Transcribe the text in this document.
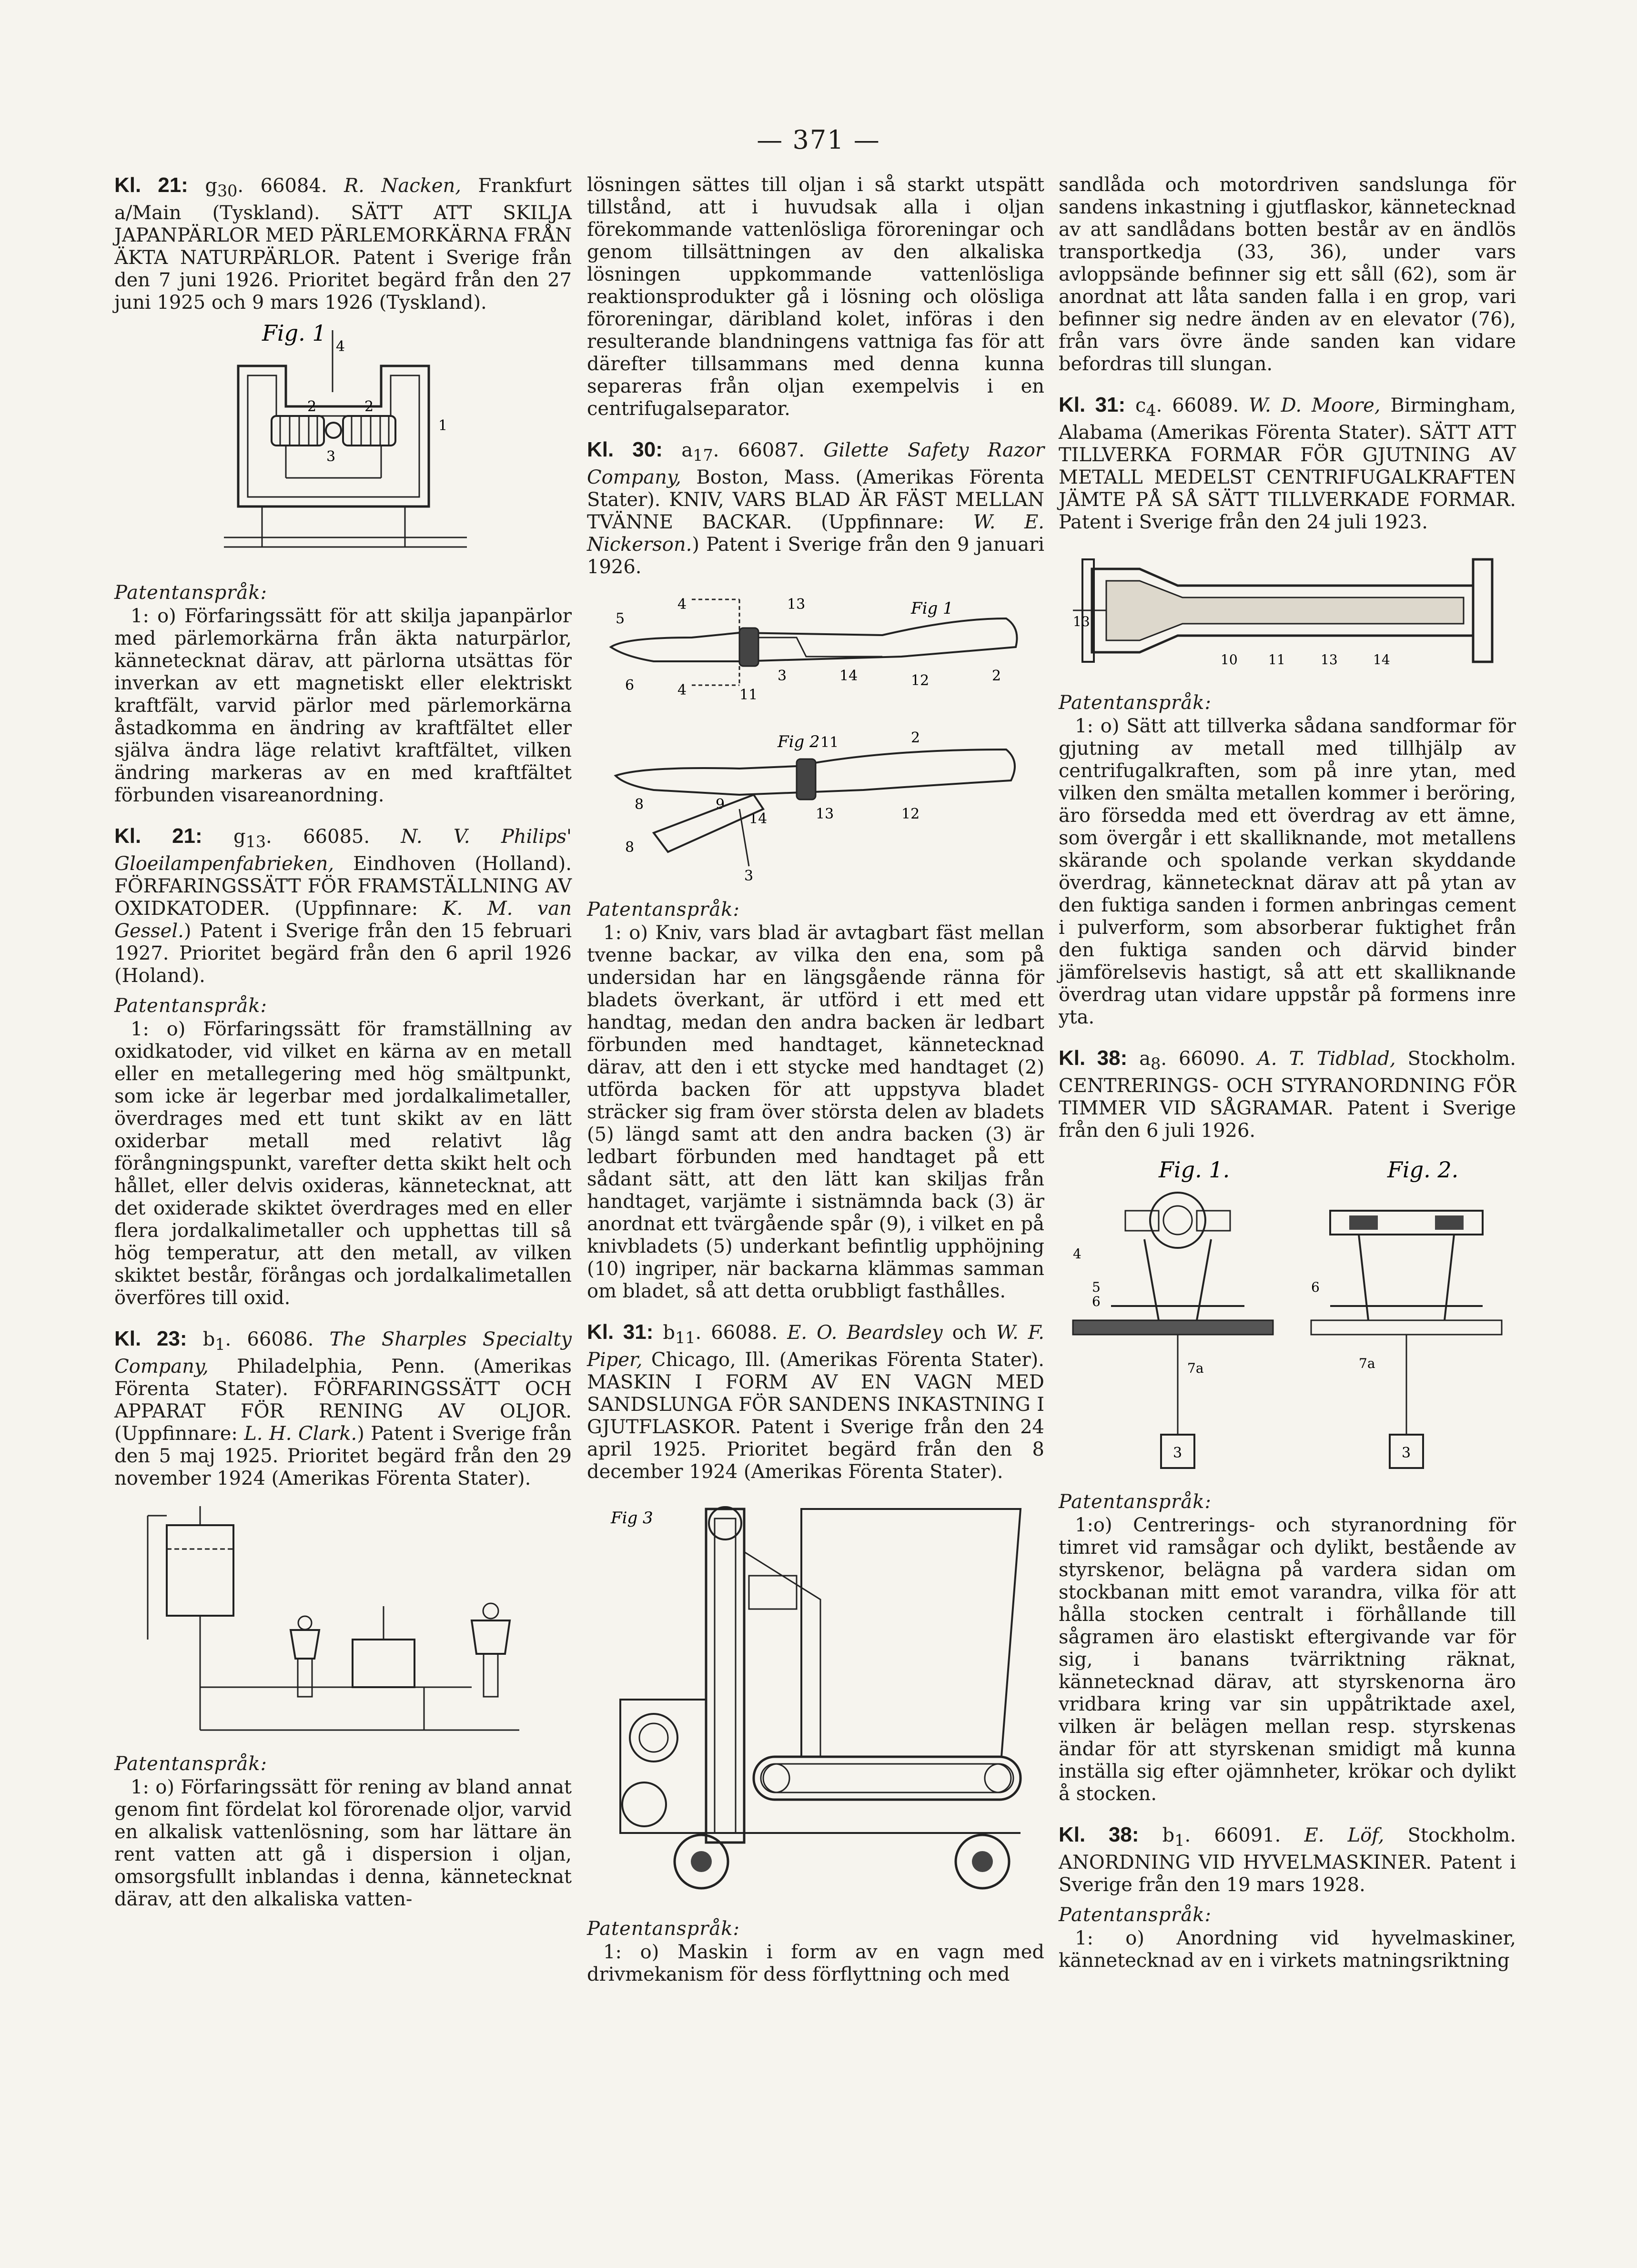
— 371 —

Kl. 21: $g_{30}$. 66084. R. Nacken, Frankfurt a/Main (Tyskland). SÄTT ATT SKILJA JAPANPÄRLOR MED PÄRLEMORKÄRNA FRÅN ÄKTA NATURPÄRLOR. Patent i Sverige från den 7 juni 1926. Prioritet begärd från den 27 juni 1925 och 9 mars 1926 (Tyskland).

Fig. 1
4
2	2
3
1
Patentanspråk:

1: o) Förfaringssätt för att skilja japanpärlor med pärlemorkärna från äkta naturpärlor, kännetecknat därav, att pärlorna utsättas för inverkan av ett magnetiskt eller elektriskt kraftfält, varvid pärlor med pärlemorkärna åstadkomma en ändring av kraftfältet eller själva ändra läge relativt kraftfältet, vilken ändring markeras av en med kraftfältet förbunden visareanordning.

Kl. 21: $g_{13}$. 66085. N. V. Philips' Gloeilampenfabrieken, Eindhoven (Holland). FÖRFARINGSSÄTT FÖR FRAMSTÄLLNING AV OXIDKATODER. (Uppfinnare: K. M. van Gessel.) Patent i Sverige från den 15 februari 1927. Prioritet begärd från den 6 april 1926 (Holand).

Patentanspråk:

1: o) Förfaringssätt för framställning av oxidkatoder, vid vilket en kärna av en metall eller en metallegering med hög smältpunkt, som icke är legerbar med jordalkalimetaller, överdrages med ett tunt skikt av en lätt oxiderbar metall med relativt låg förångningspunkt, varefter detta skikt helt och hållet, eller delvis oxideras, kännetecknat, att det oxiderade skiktet överdrages med en eller flera jordalkalimetaller och upphettas till så hög temperatur, att den metall, av vilken skiktet består, förångas och jordalkalimetallen överföres till oxid.

Kl. 23: $b_1$. 66086. The Sharples Specialty Company, Philadelphia, Penn. (Amerikas Förenta Stater). FÖRFARINGSSÄTT OCH APPARAT FÖR RENING AV OLJOR. (Uppfinnare: L. H. Clark.) Patent i Sverige från den 5 maj 1925. Prioritet begärd från den 29 november 1924 (Amerikas Förenta Stater).

Patentanspråk:

1: o) Förfaringssätt för rening av bland annat genom fint fördelat kol förorenade oljor, varvid en alkalisk vattenlösning, som har lättare än rent vatten att gå i dispersion i oljan, omsorgsfullt inblandas i denna, kännetecknat därav, att den alkaliska vatten-

lösningen sättes till oljan i så starkt utspätt tillstånd, att i huvudsak alla i oljan förekommande vattenlösliga föroreningar och genom tillsättningen av den alkaliska lösningen uppkommande vattenlösliga reaktionsprodukter gå i lösning och olösliga föroreningar, däribland kolet, införas i den resulterande blandningens vattniga fas för att därefter tillsammans med denna kunna separeras från oljan exempelvis i en centrifugalseparator.

Kl. 30: $a_{17}$. 66087. Gilette Safety Razor Company, Boston, Mass. (Amerikas Förenta Stater). KNIV, VARS BLAD ÄR FÄST MELLAN TVÄNNE BACKAR. (Uppfinnare: W. E. Nickerson.) Patent i Sverige från den 9 januari 1926.

Fig 1
5
4	13
6	4	11
3	14	12	2
Fig 2 11	2
8	9
14	13	12
8
3
Patentanspråk:

1: o) Kniv, vars blad är avtagbart fäst mellan tvenne backar, av vilka den ena, som på undersidan har en längsgående ränna för bladets överkant, är utförd i ett med ett handtag, medan den andra backen är ledbart förbunden med handtaget, kännetecknad därav, att den i ett stycke med handtaget (2) utförda backen för att uppstyva bladet sträcker sig fram över största delen av bladets (5) längd samt att den andra backen (3) är ledbart förbunden med handtaget på ett sådant sätt, att den lätt kan skiljas från handtaget, varjämte i sistnämnda back (3) är anordnat ett tvärgående spår (9), i vilket en på knivbladets (5) underkant befintlig upphöjning (10) ingriper, när backarna klämmas samman om bladet, så att detta orubbligt fasthålles.

Kl. 31: $b_{11}$. 66088. E. O. Beardsley och W. F. Piper, Chicago, Ill. (Amerikas Förenta Stater). MASKIN I FORM AV EN VAGN MED SANDSLUNGA FÖR SANDENS INKASTNING I GJUTFLASKOR. Patent i Sverige från den 24 april 1925. Prioritet begärd från den 8 december 1924 (Amerikas Förenta Stater).

Fig 3
Patentanspråk:

1: o) Maskin i form av en vagn med drivmekanism för dess förflyttning och med

sandlåda och motordriven sandslunga för sandens inkastning i gjutflaskor, kännetecknad av att sandlådans botten består av en ändlös transportkedja (33, 36), under vars avloppsände befinner sig ett såll (62), som är anordnat att låta sanden falla i en grop, vari befinner sig nedre änden av en elevator (76), från vars övre ände sanden kan vidare befordras till slungan.

Kl. 31: $c_4$. 66089. W. D. Moore, Birmingham, Alabama (Amerikas Förenta Stater). SÄTT ATT TILLVERKA FORMAR FÖR GJUTNING AV METALL MEDELST CENTRIFUGALKRAFTEN JÄMTE PÅ SÅ SÄTT TILLVERKADE FORMAR. Patent i Sverige från den 24 juli 1923.

13
10 11	13	14
Patentanspråk:

1: o) Sätt att tillverka sådana sandformar för gjutning av metall med tillhjälp av centrifugalkraften, som på inre ytan, med vilken den smälta metallen kommer i beröring, äro försedda med ett överdrag av ett ämne, som övergår i ett skalliknande, mot metallens skärande och spolande verkan skyddande överdrag, kännetecknat därav att på ytan av den fuktiga sanden i formen anbringas cement i pulverform, som absorberar fuktighet från den fuktiga sanden och därvid binder jämförelsevis hastigt, så att ett skalliknande överdrag utan vidare uppstår på formens inre yta.

Kl. 38: $a_8$. 66090. A. T. Tidblad, Stockholm. CENTRERINGS- OCH STYRANORDNING FÖR TIMMER VID SÅGRAMAR. Patent i Sverige från den 6 juli 1926.

Fig. 1.	Fig. 2.
3
4
5
6
7a
3
6
7a
Patentanspråk:

1:o) Centrerings- och styranordning för timret vid ramsågar och dylikt, bestående av styrskenor, belägna på vardera sidan om stockbanan mitt emot varandra, vilka för att hålla stocken centralt i förhållande till sågramen äro elastiskt eftergivande var för sig, i banans tvärriktning räknat, kännetecknad därav, att styrskenorna äro vridbara kring var sin uppåtriktade axel, vilken är belägen mellan resp. styrskenas ändar för att styrskenan smidigt må kunna inställa sig efter ojämnheter, krökar och dylikt å stocken.

Kl. 38: $b_1$. 66091. E. Löf, Stockholm. ANORDNING VID HYVELMASKINER. Patent i Sverige från den 19 mars 1928.

Patentanspråk:

1: o) Anordning vid hyvelmaskiner, kännetecknad av en i virkets matningsriktning
